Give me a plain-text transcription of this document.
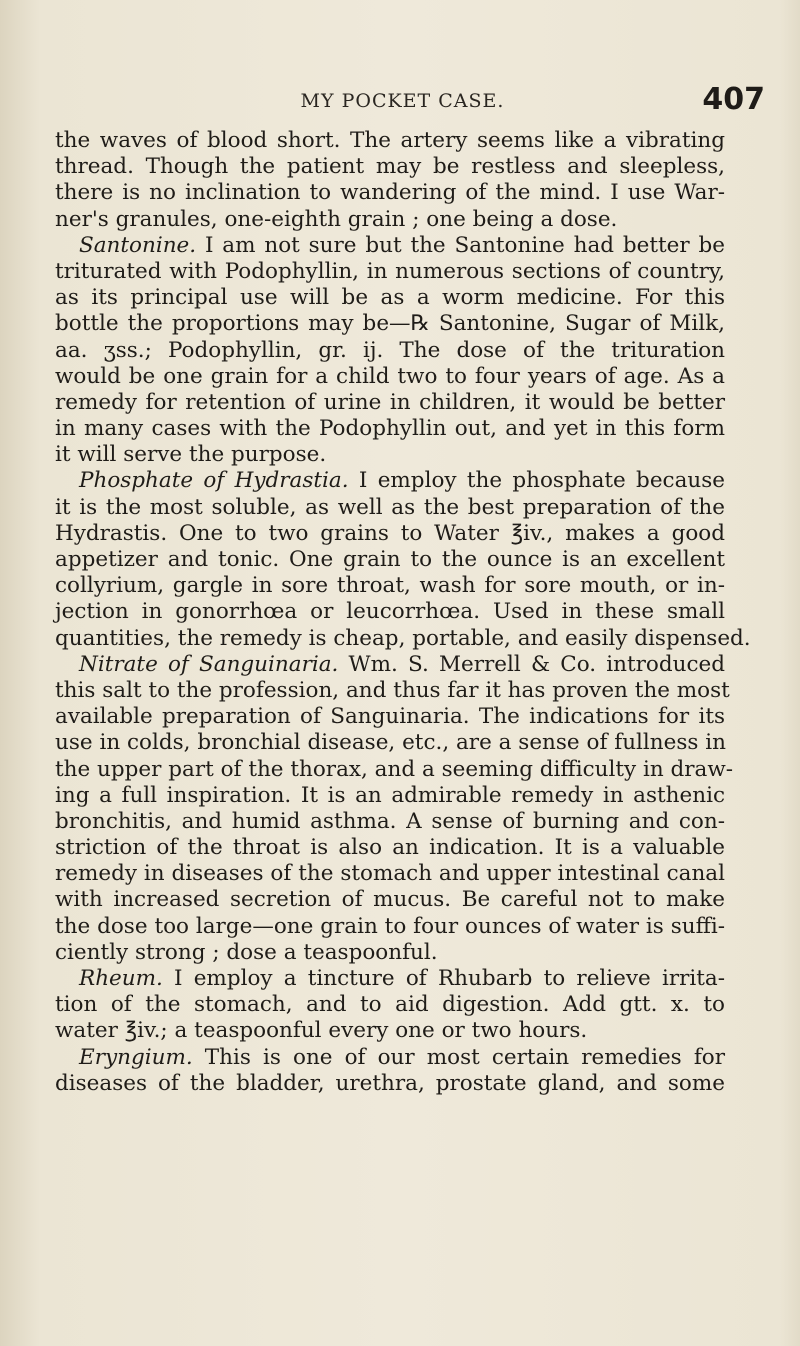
MY POCKET CASE.	407
the waves of blood short. The artery seems like a vibrating
thread. Though the patient may be restless and sleepless,
there is no inclination to wandering of the mind. I use War-
ner's granules, one-eighth grain ; one being a dose.
Santonine. I am not sure but the Santonine had better be
triturated with Podophyllin, in numerous sections of country,
as its principal use will be as a worm medicine. For this
bottle the proportions may be—℞ Santonine, Sugar of Milk,
aa. ʒss.; Podophyllin, gr. ij. The dose of the trituration
would be one grain for a child two to four years of age. As a
remedy for retention of urine in children, it would be better
in many cases with the Podophyllin out, and yet in this form
it will serve the purpose.
Phosphate of Hydrastia. I employ the phosphate because
it is the most soluble, as well as the best preparation of the
Hydrastis. One to two grains to Water ℥iv., makes a good
appetizer and tonic. One grain to the ounce is an excellent
collyrium, gargle in sore throat, wash for sore mouth, or in-
jection in gonorrhœa or leucorrhœa. Used in these small
quantities, the remedy is cheap, portable, and easily dispensed.
Nitrate of Sanguinaria. Wm. S. Merrell & Co. introduced
this salt to the profession, and thus far it has proven the most
available preparation of Sanguinaria. The indications for its
use in colds, bronchial disease, etc., are a sense of fullness in
the upper part of the thorax, and a seeming difficulty in draw-
ing a full inspiration. It is an admirable remedy in asthenic
bronchitis, and humid asthma. A sense of burning and con-
striction of the throat is also an indication. It is a valuable
remedy in diseases of the stomach and upper intestinal canal
with increased secretion of mucus. Be careful not to make
the dose too large—one grain to four ounces of water is suffi-
ciently strong ; dose a teaspoonful.
Rheum. I employ a tincture of Rhubarb to relieve irrita-
tion of the stomach, and to aid digestion. Add gtt. x. to
water ℥iv.; a teaspoonful every one or two hours.
Eryngium. This is one of our most certain remedies for
diseases of the bladder, urethra, prostate gland, and some
